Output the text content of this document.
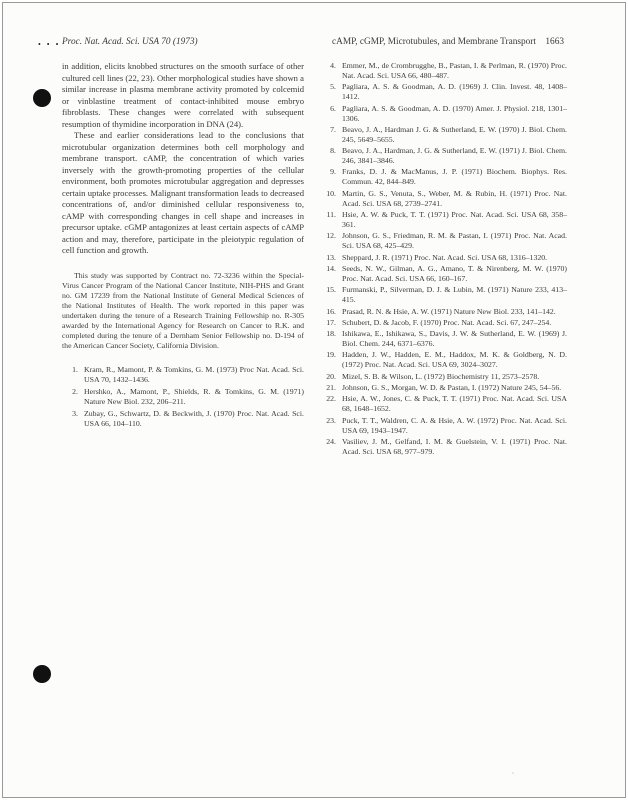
• • • Proc. Nat. Acad. Sci. USA 70 (1973)	cAMP, cGMP, Microtubules, and Membrane Transport 1663

in addition, elicits knobbed structures on the smooth surface of other cultured cell lines (22, 23). Other morphological studies have shown a similar increase in plasma membrane activity promoted by colcemid or vinblastine treatment of contact-inhibited mouse embryo fibroblasts. These changes were correlated with subsequent resumption of thymidine incorporation in DNA (24).

These and earlier considerations lead to the conclusions that microtubular organization determines both cell morphology and membrane transport. cAMP, the concentration of which varies inversely with the growth-promoting properties of the cellular environment, both promotes microtubular aggregation and depresses certain uptake processes. Malignant transformation leads to decreased concentrations of, and/or diminished cellular responsiveness to, cAMP with corresponding changes in cell shape and increases in precursor uptake. cGMP antagonizes at least certain aspects of cAMP action and may, therefore, participate in the pleiotypic regulation of cell function and growth.

This study was supported by Contract no. 72-3236 within the Special-Virus Cancer Program of the National Cancer Institute, NIH-PHS and Grant no. GM 17239 from the National Institute of General Medical Sciences of the National Institutes of Health. The work reported in this paper was undertaken during the tenure of a Research Training Fellowship no. R-305 awarded by the International Agency for Research on Cancer to R.K. and completed during the tenure of a Dernham Senior Fellowship no. D-194 of the American Cancer Society, California Division.

1. Kram, R., Mamont, P. & Tomkins, G. M. (1973) Proc Nat. Acad. Sci. USA 70, 1432–1436.
2. Hershko, A., Mamont, P., Shields, R. & Tomkins, G. M. (1971) Nature New Biol. 232, 206–211.
3. Zubay, G., Schwartz, D. & Beckwith, J. (1970) Proc. Nat. Acad. Sci. USA 66, 104–110.
4. Emmer, M., de Crombrugghe, B., Pastan, I. & Perlman, R. (1970) Proc. Nat. Acad. Sci. USA 66, 480–487.
5. Pagliara, A. S. & Goodman, A. D. (1969) J. Clin. Invest. 48, 1408–1412.
6. Pagliara, A. S. & Goodman, A. D. (1970) Amer. J. Physiol. 218, 1301–1306.
7. Beavo, J. A., Hardman J. G. & Sutherland, E. W. (1970) J. Biol. Chem. 245, 5649–5655.
8. Beavo, J. A., Hardman, J. G. & Sutherland, E. W. (1971) J. Biol. Chem. 246, 3841–3846.
9. Franks, D. J. & MacManus, J. P. (1971) Biochem. Biophys. Res. Commun. 42, 844–849.
10. Martin, G. S., Venuta, S., Weber, M. & Rubin, H. (1971) Proc. Nat. Acad. Sci. USA 68, 2739–2741.
11. Hsie, A. W. & Puck, T. T. (1971) Proc. Nat. Acad. Sci. USA 68, 358–361.
12. Johnson, G. S., Friedman, R. M. & Pastan, I. (1971) Proc. Nat. Acad. Sci. USA 68, 425–429.
13. Sheppard, J. R. (1971) Proc. Nat. Acad. Sci. USA 68, 1316–1320.
14. Seeds, N. W., Gilman, A. G., Amano, T. & Nirenberg, M. W. (1970) Proc. Nat. Acad. Sci. USA 66, 160–167.
15. Furmanski, P., Silverman, D. J. & Lubin, M. (1971) Nature 233, 413–415.
16. Prasad, R. N. & Hsie, A. W. (1971) Nature New Biol. 233, 141–142.
17. Schubert, D. & Jacob, F. (1970) Proc. Nat. Acad. Sci. 67, 247–254.
18. Ishikawa, E., Ishikawa, S., Davis, J. W. & Sutherland, E. W. (1969) J. Biol. Chem. 244, 6371–6376.
19. Hadden, J. W., Hadden, E. M., Haddox, M. K. & Goldberg, N. D. (1972) Proc. Nat. Acad. Sci. USA 69, 3024–3027.
20. Mizel, S. B. & Wilson, L. (1972) Biochemistry 11, 2573–2578.
21. Johnson, G. S., Morgan, W. D. & Pastan, I. (1972) Nature 245, 54–56.
22. Hsie, A. W., Jones, C. & Puck, T. T. (1971) Proc. Nat. Acad. Sci. USA 68, 1648–1652.
23. Puck, T. T., Waldren, C. A. & Hsie, A. W. (1972) Proc. Nat. Acad. Sci. USA 69, 1943–1947.
24. Vasiliev, J. M., Gelfand, I. M. & Guelstein, V. I. (1971) Proc. Nat. Acad. Sci. USA 68, 977–979.
◦
